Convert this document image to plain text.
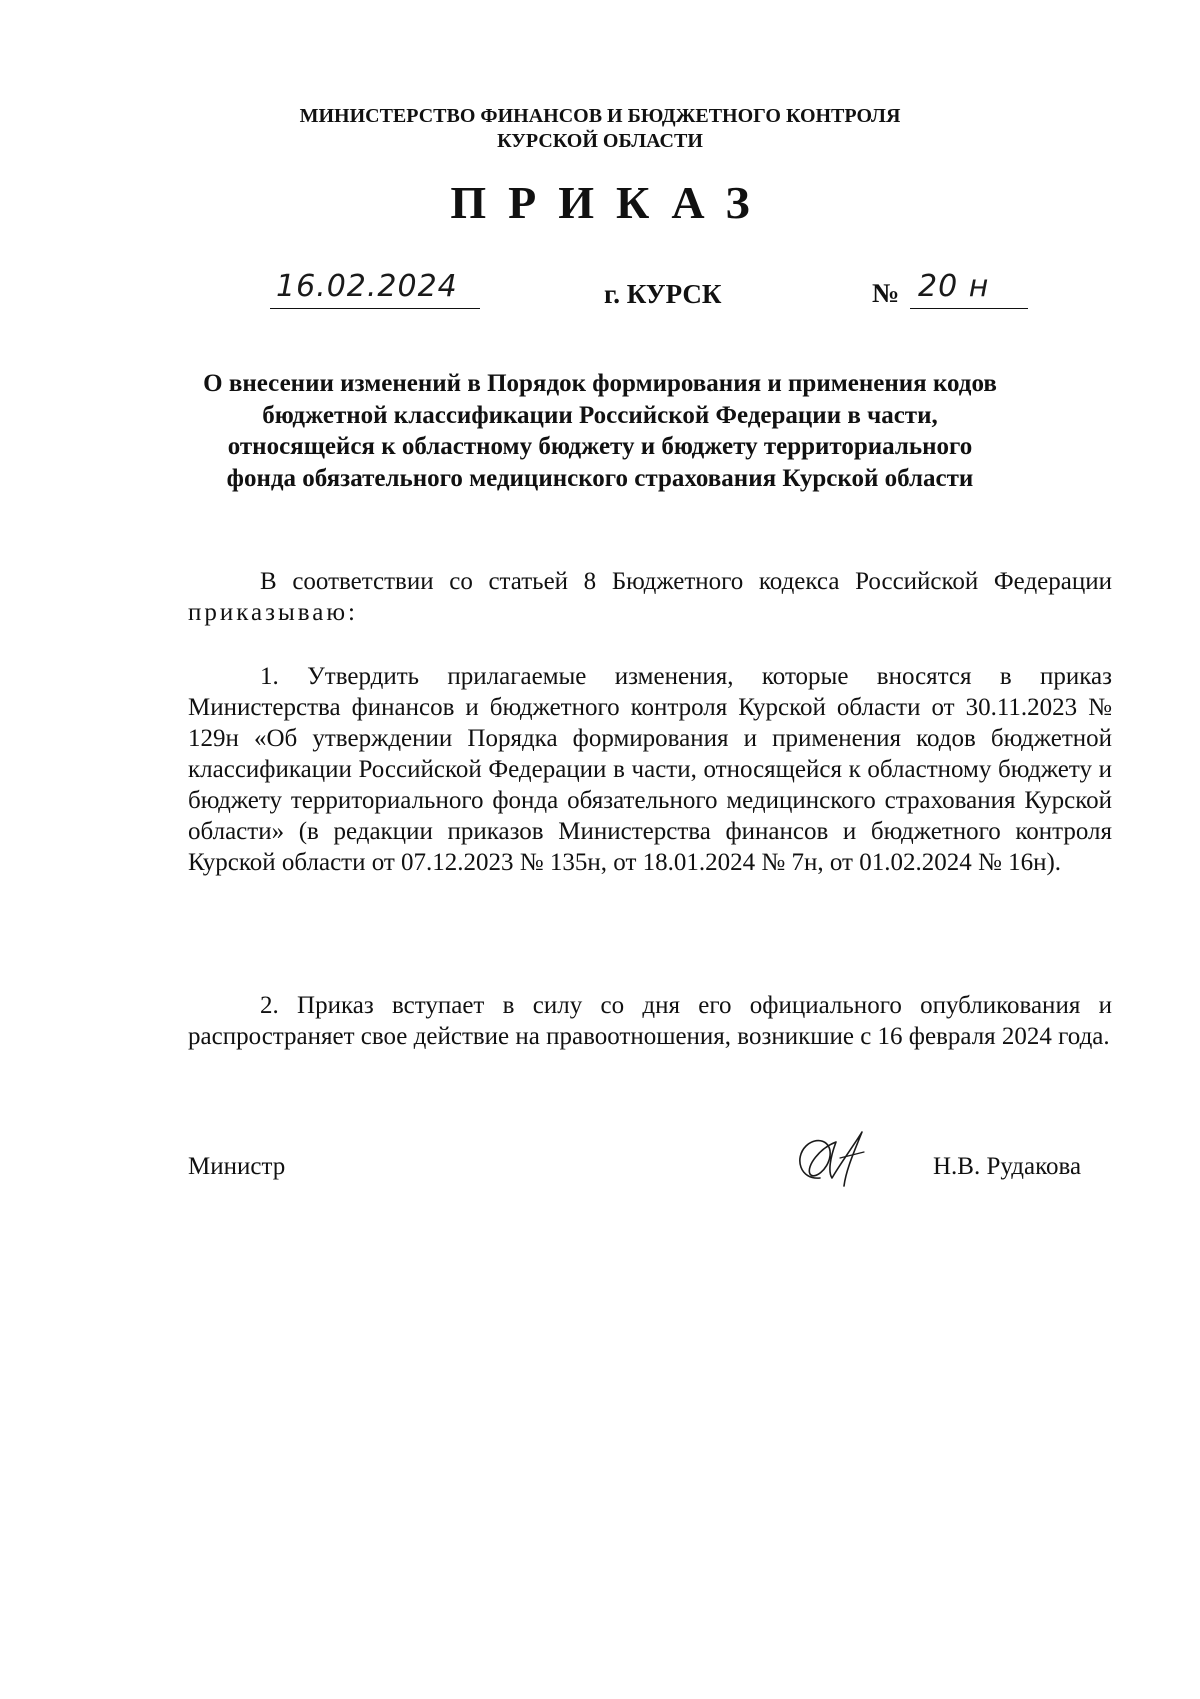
МИНИСТЕРСТВО ФИНАНСОВ И БЮДЖЕТНОГО КОНТРОЛЯ
КУРСКОЙ ОБЛАСТИ
ПРИКАЗ
16.02.2024	г. КУРСК	№ 20 н
О внесении изменений в Порядок формирования и применения кодов
бюджетной классификации Российской Федерации в части,
относящейся к областному бюджету и бюджету территориального
фонда обязательного медицинского страхования Курской области

В соответствии со статьей 8 Бюджетного кодекса Российской Федерации приказываю:

1. Утвердить прилагаемые изменения, которые вносятся в приказ Министерства финансов и бюджетного контроля Курской области от 30.11.2023 № 129н «Об утверждении Порядка формирования и применения кодов бюджетной классификации Российской Федерации в части, относящейся к областному бюджету и бюджету территориального фонда обязательного медицинского страхования Курской области» (в редакции приказов Министерства финансов и бюджетного контроля Курской области от 07.12.2023 № 135н, от 18.01.2024 № 7н, от 01.02.2024 № 16н).

2. Приказ вступает в силу со дня его официального опубликования и распространяет свое действие на правоотношения, возникшие с 16 февраля 2024 года.

Министр	Н.В. Рудакова
